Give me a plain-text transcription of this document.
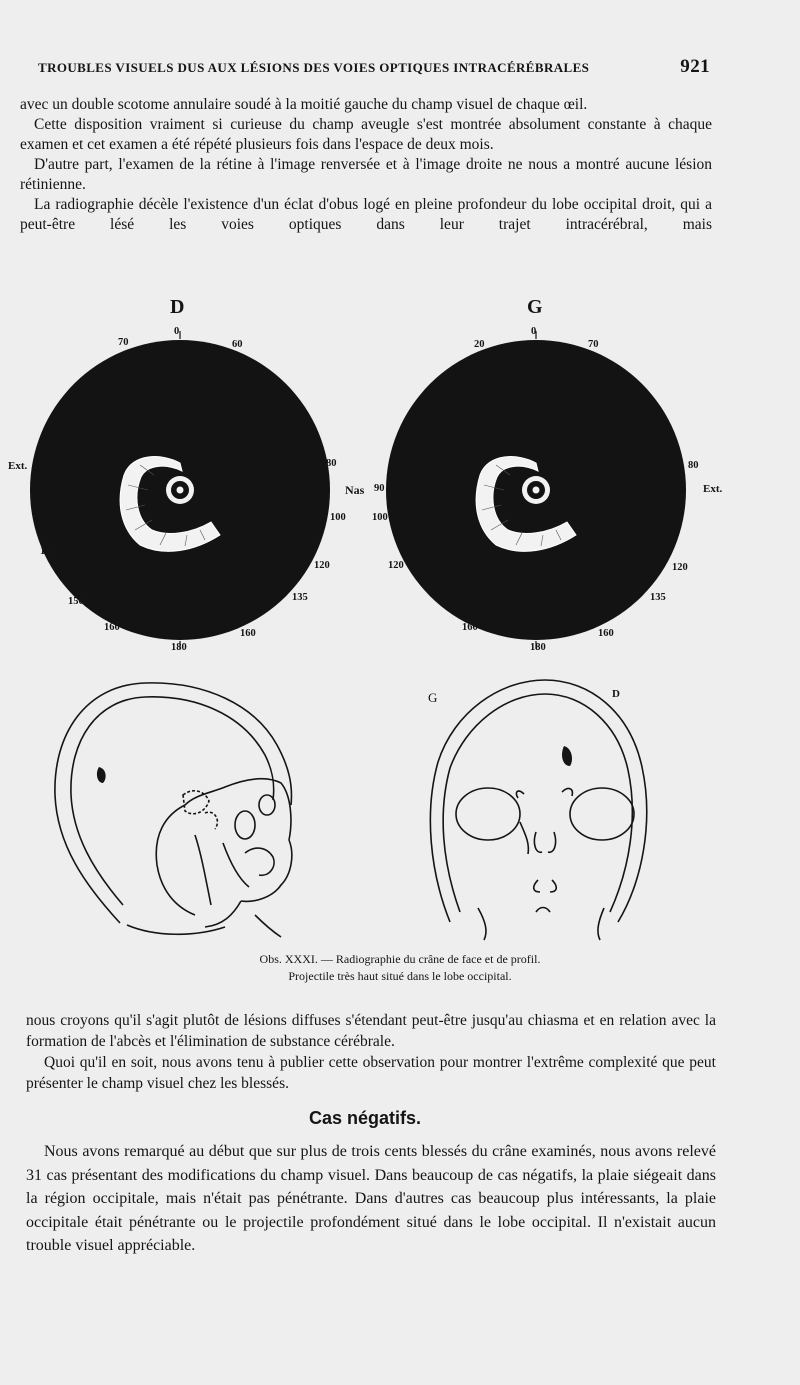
TROUBLES VISUELS DUS AUX LÉSIONS DES VOIES OPTIQUES INTRACÉRÉBRALES	921

avec un double scotome annulaire soudé à la moitié gauche du champ visuel de chaque œil.

Cette disposition vraiment si curieuse du champ aveugle s'est montrée absolument constante à chaque examen et cet examen a été répété plusieurs fois dans l'espace de deux mois.

D'autre part, l'examen de la rétine à l'image renversée et à l'image droite ne nous a montré aucune lésion rétinienne.

La radiographie décèle l'existence d'un éclat d'obus logé en pleine profondeur du lobe occipital droit, qui a peut-être lésé les voies optiques dans leur trajet intracérébral, mais

D	G
0
Ext.
Nas
80
100
120
135
160
180
160
150
120
70	60
0
Ext.
90
100
120	120
135
160
180
160
80
20	70
G	D
Obs. XXXI. — Radiographie du crâne de face et de profil.
Projectile très haut situé dans le lobe occipital.

nous croyons qu'il s'agit plutôt de lésions diffuses s'étendant peut-être jusqu'au chiasma et en relation avec la formation de l'abcès et l'élimination de substance cérébrale.

Quoi qu'il en soit, nous avons tenu à publier cette observation pour montrer l'extrême complexité que peut présenter le champ visuel chez les blessés.

Cas négatifs.

Nous avons remarqué au début que sur plus de trois cents blessés du crâne examinés, nous avons relevé 31 cas présentant des modifications du champ visuel. Dans beaucoup de cas négatifs, la plaie siégeait dans la région occipitale, mais n'était pas pénétrante. Dans d'autres cas beaucoup plus intéressants, la plaie occipitale était pénétrante ou le projectile profondément situé dans le lobe occipital. Il n'existait aucun trouble visuel appréciable.
